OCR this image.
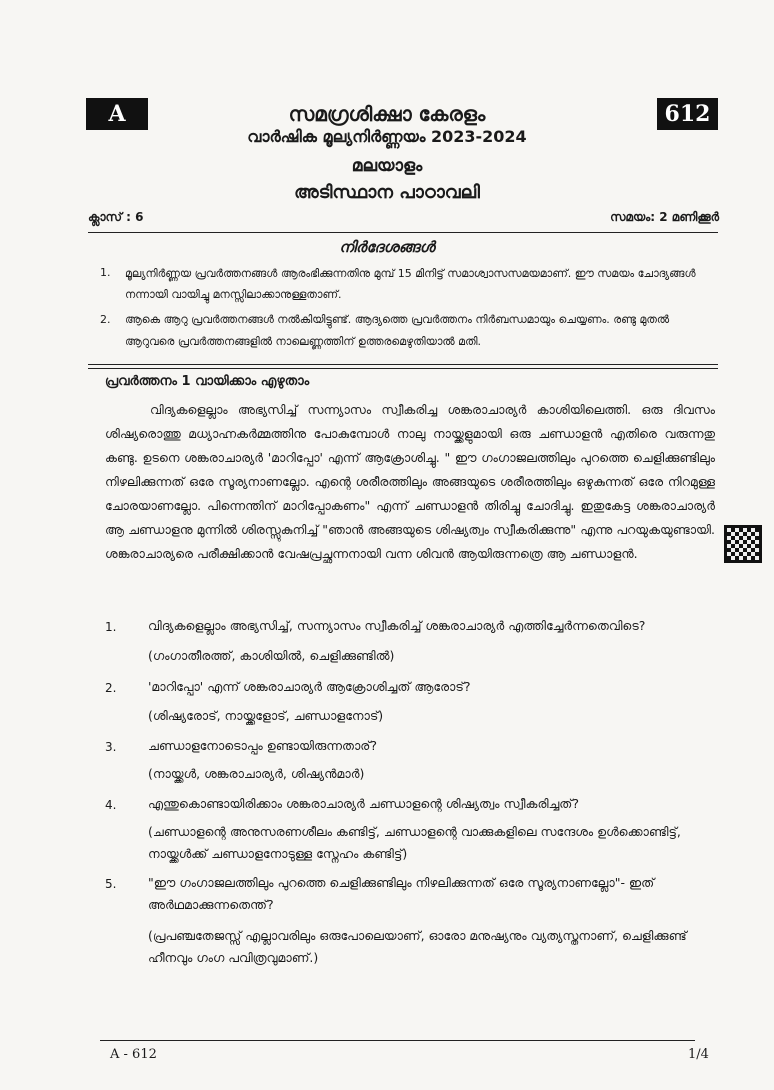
A	612
സമഗ്രശിക്ഷാ കേരളം
വാർഷിക മൂല്യനിർണ്ണയം 2023-2024
മലയാളം
അടിസ്ഥാന പാഠാവലി
ക്ലാസ് : 6	സമയം: 2 മണിക്കൂർ
നിർദേശങ്ങൾ
1. മൂല്യനിർണ്ണയ പ്രവർത്തനങ്ങൾ ആരംഭിക്കുന്നതിനു മുമ്പ് 15 മിനിട്ട് സമാശ്വാസസമയമാണ്. ഈ സമയം ചോദ്യങ്ങൾ നന്നായി വായിച്ചു മനസ്സിലാക്കാനുള്ളതാണ്.
2. ആകെ ആറു പ്രവർത്തനങ്ങൾ നൽകിയിട്ടുണ്ട്. ആദ്യത്തെ പ്രവർത്തനം നിർബന്ധമായും ചെയ്യണം. രണ്ടു മുതൽ ആറുവരെ പ്രവർത്തനങ്ങളിൽ നാലെണ്ണത്തിന് ഉത്തരമെഴുതിയാൽ മതി.
പ്രവർത്തനം 1 വായിക്കാം എഴുതാം
വിദ്യകളെല്ലാം അഭ്യസിച്ച് സന്ന്യാസം സ്വീകരിച്ച ശങ്കരാചാര്യർ കാശിയിലെത്തി. ഒരു ദിവസം ശിഷ്യരൊത്തു മധ്യാഹ്നകർമ്മത്തിനു പോകുമ്പോൾ നാലു നായ്ക്കളുമായി ഒരു ചണ്ഡാളൻ എതിരെ വരുന്നതു കണ്ടു. ഉടനെ ശങ്കരാചാര്യർ 'മാറിപ്പോ' എന്ന് ആക്രോശിച്ചു. " ഈ ഗംഗാജലത്തിലും പുറത്തെ ചെളിക്കുണ്ടിലും നിഴലിക്കുന്നത് ഒരേ സൂര്യനാണല്ലോ. എന്റെ ശരീരത്തിലും അങ്ങയുടെ ശരീരത്തിലും ഒഴുകുന്നത് ഒരേ നിറമുള്ള ചോരയാണല്ലോ. പിന്നെന്തിന് മാറിപ്പോകണം" എന്ന് ചണ്ഡാളൻ തിരിച്ചു ചോദിച്ചു. ഇതുകേട്ട ശങ്കരാചാര്യർ ആ ചണ്ഡാളനു മുന്നിൽ ശിരസ്സുകുനിച്ച് "ഞാൻ അങ്ങയുടെ ശിഷ്യത്വം സ്വീകരിക്കുന്നു" എന്നു പറയുകയുണ്ടായി. ശങ്കരാചാര്യരെ പരീക്ഷിക്കാൻ വേഷപ്രച്ഛന്നനായി വന്ന ശിവൻ ആയിരുന്നത്രെ ആ ചണ്ഡാളൻ.
1.	വിദ്യകളെല്ലാം അഭ്യസിച്ച്, സന്ന്യാസം സ്വീകരിച്ച് ശങ്കരാചാര്യർ എത്തിച്ചേർന്നതെവിടെ?
(ഗംഗാതീരത്ത്, കാശിയിൽ, ചെളിക്കുണ്ടിൽ)
2.	'മാറിപ്പോ' എന്ന് ശങ്കരാചാര്യർ ആക്രോശിച്ചത് ആരോട്?
(ശിഷ്യരോട്, നായ്ക്കളോട്, ചണ്ഡാളനോട്)
3.	ചണ്ഡാളനോടൊപ്പം ഉണ്ടായിരുന്നതാര്?
(നായ്ക്കൾ, ശങ്കരാചാര്യർ, ശിഷ്യൻമാർ)
4.	എന്തുകൊണ്ടായിരിക്കാം ശങ്കരാചാര്യർ ചണ്ഡാളന്റെ ശിഷ്യത്വം സ്വീകരിച്ചത്?
(ചണ്ഡാളന്റെ അനുസരണശീലം കണ്ടിട്ട്, ചണ്ഡാളന്റെ വാക്കുകളിലെ സന്ദേശം ഉൾക്കൊണ്ടിട്ട്, നായ്ക്കൾക്ക് ചണ്ഡാളനോടുള്ള സ്നേഹം കണ്ടിട്ട്)
5.	"ഈ ഗംഗാജലത്തിലും പുറത്തെ ചെളിക്കുണ്ടിലും നിഴലിക്കുന്നത് ഒരേ സൂര്യനാണല്ലോ"- ഇത് അർഥമാക്കുന്നതെന്ത്?
(പ്രപഞ്ചതേജസ്സ് എല്ലാവരിലും ഒരുപോലെയാണ്, ഓരോ മനുഷ്യനും വ്യത്യസ്തനാണ്, ചെളിക്കുണ്ട് ഹീനവും ഗംഗ പവിത്രവുമാണ്.)
A - 612	1/4
